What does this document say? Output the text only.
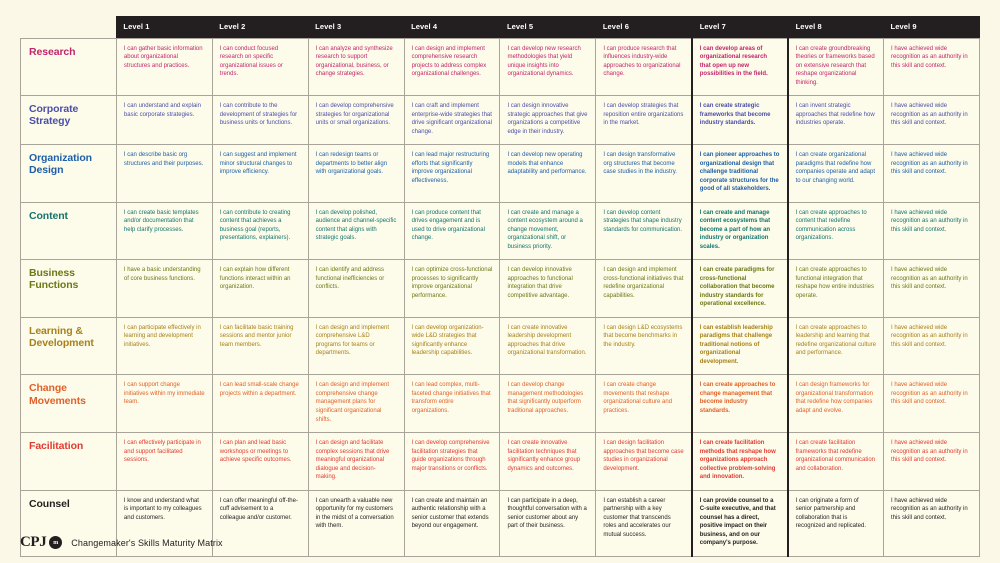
	Level 1	Level 2	Level 3	Level 4	Level 5	Level 6	Level 7	Level 8	Level 9
Research	I can gather basic information about organizational structures and practices.	I can conduct focused research on specific organizational issues or trends.	I can analyze and synthesize research to support organizational, business, or change strategies.	I can design and implement comprehensive research projects to address complex organizational challenges.	I can develop new research methodologies that yield unique insights into organizational dynamics.	I can produce research that influences industry-wide approaches to organizational change.	I can develop areas of organizational research that open up new possibilities in the field.	I can create groundbreaking theories or frameworks based on extensive research that reshape organizational thinking.	I have achieved wide recognition as an authority in this skill and context.
Corporate Strategy	I can understand and explain basic corporate strategies.	I can contribute to the development of strategies for business units or functions.	I can develop comprehensive strategies for organizational units or small organizations.	I can craft and implement enterprise-wide strategies that drive significant organizational change.	I can design innovative strategic approaches that give organizations a competitive edge in their industry.	I can develop strategies that reposition entire organizations in the market.	I can create strategic frameworks that become industry standards.	I can invent strategic approaches that redefine how industries operate.	I have achieved wide recognition as an authority in this skill and context.
Organization Design	I can describe basic org structures and their purposes.	I can suggest and implement minor structural changes to improve efficiency.	I can redesign teams or departments to better align with organizational goals.	I can lead major restructuring efforts that significantly improve organizational effectiveness.	I can develop new operating models that enhance adaptability and performance.	I can design transformative org structures that become case studies in the industry.	I can pioneer approaches to organizational design that challenge traditional corporate structures for the good of all stakeholders.	I can create organizational paradigms that redefine how companies operate and adapt to our changing world.	I have achieved wide recognition as an authority in this skill and context.
Content	I can create basic templates and/or documentation that help clarify processes.	I can contribute to creating content that achieves a business goal (reports, presentations, explainers).	I can develop polished, audience and channel-specific content that aligns with strategic goals.	I can produce content that drives engagement and is used to drive organizational change.	I can create and manage a content ecosystem around a change movement, organizational shift, or business priority.	I can develop content strategies that shape industry standards for communication.	I can create and manage content ecosystems that become a part of how an industry or organization scales.	I can create approaches to content that redefine communication across organizations.	I have achieved wide recognition as an authority in this skill and context.
Business Functions	I have a basic understanding of core business functions.	I can explain how different functions interact within an organization.	I can identify and address functional inefficiencies or conflicts.	I can optimize cross-functional processes to significantly improve organizational performance.	I can develop innovative approaches to functional integration that drive competitive advantage.	I can design and implement cross-functional initiatives that redefine organizational capabilities.	I can create paradigms for cross-functional collaboration that become industry standards for operational excellence.	I can create approaches to functional integration that reshape how entire industries operate.	I have achieved wide recognition as an authority in this skill and context.
Learning & Development	I can participate effectively in learning and development initiatives.	I can facilitate basic training sessions and mentor junior team members.	I can design and implement comprehensive L&D programs for teams or departments.	I can develop organization-wide L&D strategies that significantly enhance leadership capabilities.	I can create innovative leadership development approaches that drive organizational transformation.	I can design L&D ecosystems that become benchmarks in the industry.	I can establish leadership paradigms that challenge traditional notions of organizational development.	I can create approaches to leadership and learning that redefine organizational culture and performance.	I have achieved wide recognition as an authority in this skill and context.
Change Movements	I can support change initiatives within my immediate team.	I can lead small-scale change projects within a department.	I can design and implement comprehensive change management plans for significant organizational shifts.	I can lead complex, multi-faceted change initiatives that transform entire organizations.	I can develop change management methodologies that significantly outperform traditional approaches.	I can create change movements that reshape organizational culture and practices.	I can create approaches to change management that become industry standards.	I can design frameworks for organizational transformation that redefine how companies adapt and evolve.	I have achieved wide recognition as an authority in this skill and context.
Facilitation	I can effectively participate in and support facilitated sessions.	I can plan and lead basic workshops or meetings to achieve specific outcomes.	I can design and facilitate complex sessions that drive meaningful organizational dialogue and decision-making.	I can develop comprehensive facilitation strategies that guide organizations through major transitions or conflicts.	I can create innovative facilitation techniques that significantly enhance group dynamics and outcomes.	I can design facilitation approaches that become case studies in organizational development.	I can create facilitation methods that reshape how organizations approach collective problem-solving and innovation.	I can create facilitation frameworks that redefine organizational communication and collaboration.	I have achieved wide recognition as an authority in this skill and context.
Counsel	I know and understand what is important to my colleagues and customers.	I can offer meaningful off-the-cuff advisement to a colleague and/or customer.	I can unearth a valuable new opportunity for my customers in the midst of a conversation with them.	I can create and maintain an authentic relationship with a senior customer that extends beyond our engagement.	I can participate in a deep, thoughtful conversation with a senior customer about any part of their business.	I can establish a career partnership with a key customer that transcends roles and accelerates our mutual success.	I can provide counsel to a C-suite executive, and that counsel has a direct, positive impact on their business, and on our company's purpose.	I can originate a form of senior partnership and collaboration that is recognized and replicated.	I have achieved wide recognition as an authority in this skill and context.
CPJ	m	Changemaker's Skills Maturity Matrix
